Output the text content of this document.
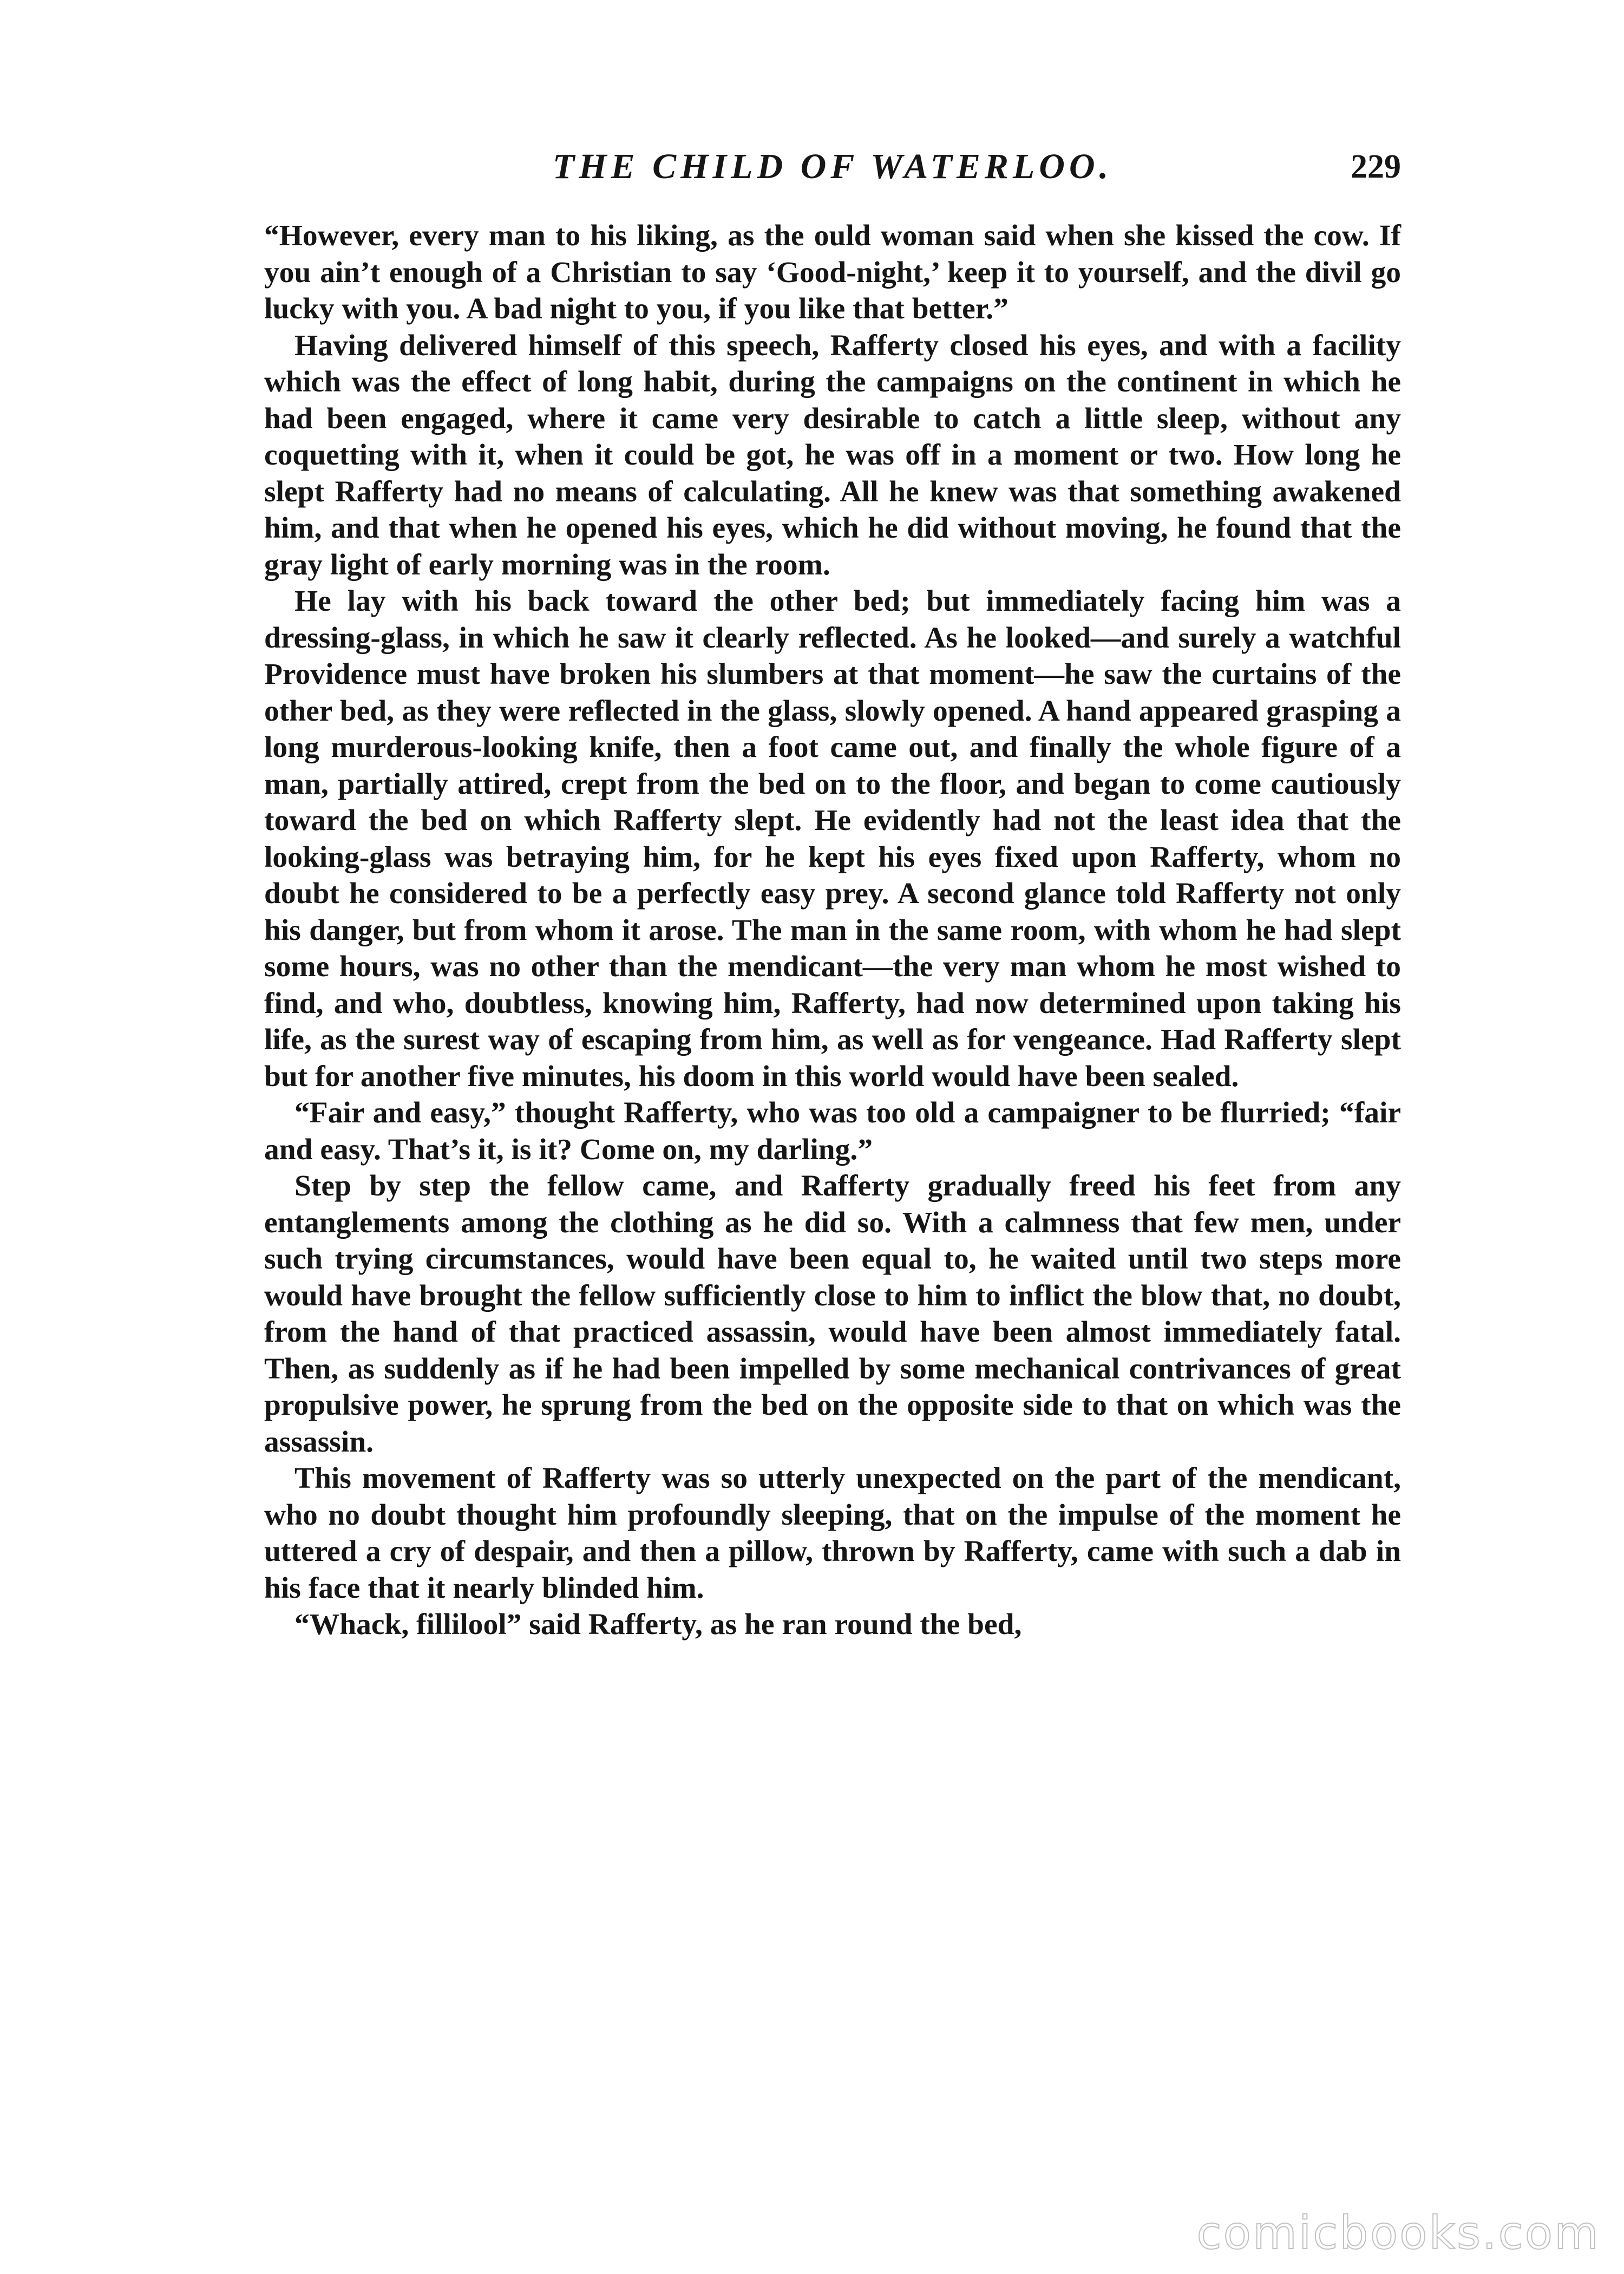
THE CHILD OF WATERLOO.	229

“However, every man to his liking, as the ould woman said when she kissed the cow. If you ain’t enough of a Christian to say ‘Good-night,’ keep it to yourself, and the divil go lucky with you. A bad night to you, if you like that better.”

Having delivered himself of this speech, Rafferty closed his eyes, and with a facility which was the effect of long habit, during the campaigns on the continent in which he had been engaged, where it came very desirable to catch a little sleep, without any coquetting with it, when it could be got, he was off in a moment or two. How long he slept Rafferty had no means of calculating. All he knew was that something awakened him, and that when he opened his eyes, which he did without moving, he found that the gray light of early morning was in the room.

He lay with his back toward the other bed; but immediately facing him was a dressing-glass, in which he saw it clearly reflected. As he looked—and surely a watchful Providence must have broken his slumbers at that moment—he saw the curtains of the other bed, as they were reflected in the glass, slowly opened. A hand appeared grasping a long murderous-looking knife, then a foot came out, and finally the whole figure of a man, partially attired, crept from the bed on to the floor, and began to come cautiously toward the bed on which Rafferty slept. He evidently had not the least idea that the looking-glass was betraying him, for he kept his eyes fixed upon Rafferty, whom no doubt he considered to be a perfectly easy prey. A second glance told Rafferty not only his danger, but from whom it arose. The man in the same room, with whom he had slept some hours, was no other than the mendicant—the very man whom he most wished to find, and who, doubtless, knowing him, Rafferty, had now determined upon taking his life, as the surest way of escaping from him, as well as for vengeance. Had Rafferty slept but for another five minutes, his doom in this world would have been sealed.

“Fair and easy,” thought Rafferty, who was too old a campaigner to be flurried; “fair and easy. That’s it, is it? Come on, my darling.”

Step by step the fellow came, and Rafferty gradually freed his feet from any entanglements among the clothing as he did so. With a calmness that few men, under such trying circumstances, would have been equal to, he waited until two steps more would have brought the fellow sufficiently close to him to inflict the blow that, no doubt, from the hand of that practiced assassin, would have been almost immediately fatal. Then, as suddenly as if he had been impelled by some mechanical contrivances of great propulsive power, he sprung from the bed on the opposite side to that on which was the assassin.

This movement of Rafferty was so utterly unexpected on the part of the mendicant, who no doubt thought him profoundly sleeping, that on the impulse of the moment he uttered a cry of despair, and then a pillow, thrown by Rafferty, came with such a dab in his face that it nearly blinded him.

“Whack, fillilool” said Rafferty, as he ran round the bed,

comicbooks.com
